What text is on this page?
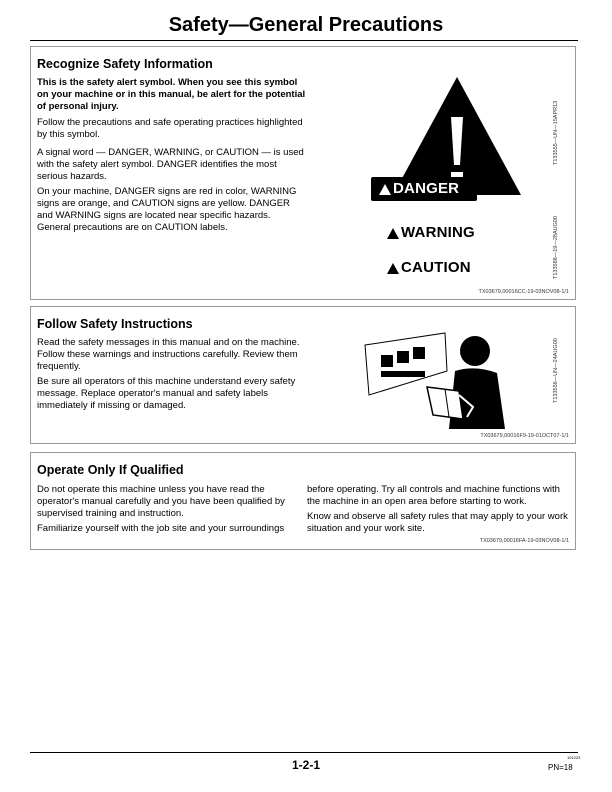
Safety—General Precautions
Recognize Safety Information
This is the safety alert symbol. When you see this symbol on your machine or in this manual, be alert for the potential of personal injury.
Follow the precautions and safe operating practices highlighted by this symbol.
A signal word — DANGER, WARNING, or CAUTION — is used with the safety alert symbol. DANGER identifies the most serious hazards.
On your machine, DANGER signs are red in color, WARNING signs are orange, and CAUTION signs are yellow. DANGER and WARNING signs are located near specific hazards. General precautions are on CAUTION labels.
T133555—UN—15APR13
DANGER
WARNING
CAUTION	T133588—19—28AUG00
TX03679,00016CC-19-03NOV08-1/1
Follow Safety Instructions
Read the safety messages in this manual and on the machine. Follow these warnings and instructions carefully. Review them frequently.
Be sure all operators of this machine understand every safety message. Replace operator's manual and safety labels immediately if missing or damaged.
T133556—UN—24AUG00
TX03679,00016F9-19-01OCT07-1/1
Operate Only If Qualified
Do not operate this machine unless you have read the operator's manual carefully and you have been qualified by supervised training and instruction.
Familiarize yourself with the job site and your surroundings
before operating. Try all controls and machine functions with the machine in an open area before starting to work.
Know and observe all safety rules that may apply to your work situation and your work site.
TX03679,00016FA-19-03NOV08-1/1
1-2-1
101223
PN=18
